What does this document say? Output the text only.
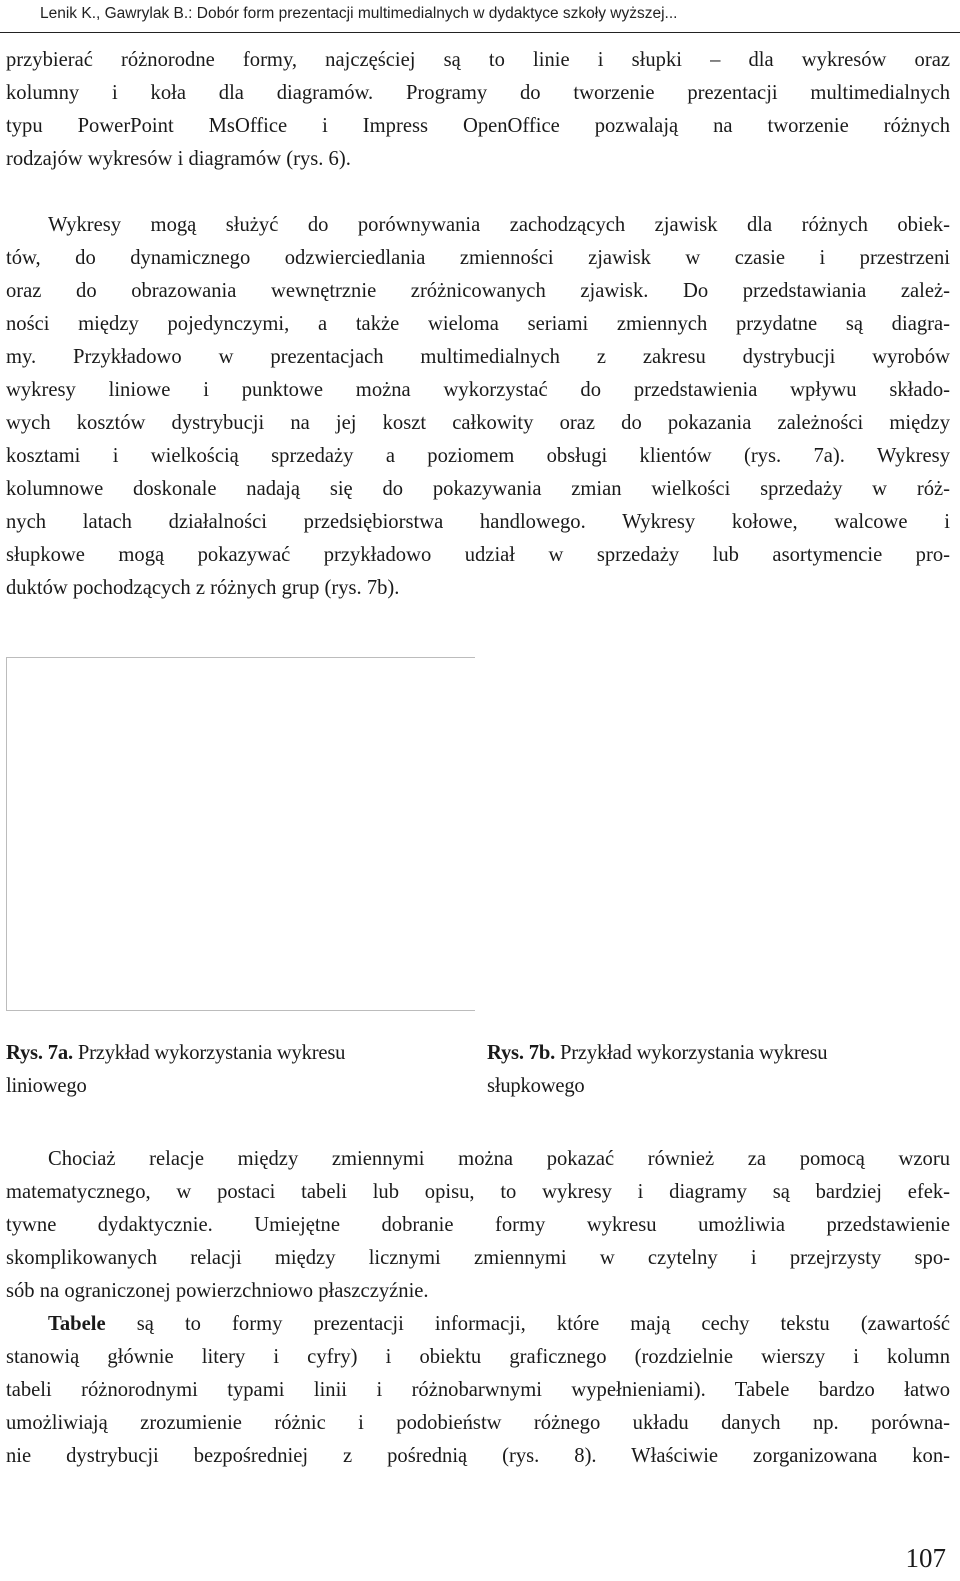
Lenik K., Gawrylak B.: Dobór form prezentacji multimedialnych w dydaktyce szkoły wyższej...
przybierać różnorodne formy, najczęściej są to linie i słupki – dla wykresów oraz
kolumny i koła dla diagramów. Programy do tworzenie prezentacji multimedialnych
typu PowerPoint MsOffice i Impress OpenOffice pozwalają na tworzenie różnych
rodzajów wykresów i diagramów (rys. 6).
Wykresy mogą służyć do porównywania zachodzących zjawisk dla różnych obiek-
tów, do dynamicznego odzwierciedlania zmienności zjawisk w czasie i przestrzeni
oraz do obrazowania wewnętrznie zróżnicowanych zjawisk. Do przedstawiania zależ-
ności między pojedynczymi, a także wieloma seriami zmiennych przydatne są diagra-
my. Przykładowo w prezentacjach multimedialnych z zakresu dystrybucji wyrobów
wykresy liniowe i punktowe można wykorzystać do przedstawienia wpływu składo-
wych kosztów dystrybucji na jej koszt całkowity oraz do pokazania zależności między
kosztami i wielkością sprzedaży a poziomem obsługi klientów (rys. 7a). Wykresy
kolumnowe doskonale nadają się do pokazywania zmian wielkości sprzedaży w róż-
nych latach działalności przedsiębiorstwa handlowego. Wykresy kołowe, walcowe i
słupkowe mogą pokazywać przykładowo udział w sprzedaży lub asortymencie pro-
duktów pochodzących z różnych grup (rys. 7b).
Rys. 7a. Przykład wykorzystania wykresu
liniowego
Rys. 7b. Przykład wykorzystania wykresu
słupkowego
Chociaż relacje między zmiennymi można pokazać również za pomocą wzoru
matematycznego, w postaci tabeli lub opisu, to wykresy i diagramy są bardziej efek-
tywne dydaktycznie. Umiejętne dobranie formy wykresu umożliwia przedstawienie
skomplikowanych relacji między licznymi zmiennymi w czytelny i przejrzysty spo-
sób na ograniczonej powierzchniowo płaszczyźnie.
Tabele są to formy prezentacji informacji, które mają cechy tekstu (zawartość
stanowią głównie litery i cyfry) i obiektu graficznego (rozdzielnie wierszy i kolumn
tabeli różnorodnymi typami linii i różnobarwnymi wypełnieniami). Tabele bardzo łatwo
umożliwiają zrozumienie różnic i podobieństw różnego układu danych np. porówna-
nie dystrybucji bezpośredniej z pośrednią (rys. 8). Właściwie zorganizowana kon-
107
